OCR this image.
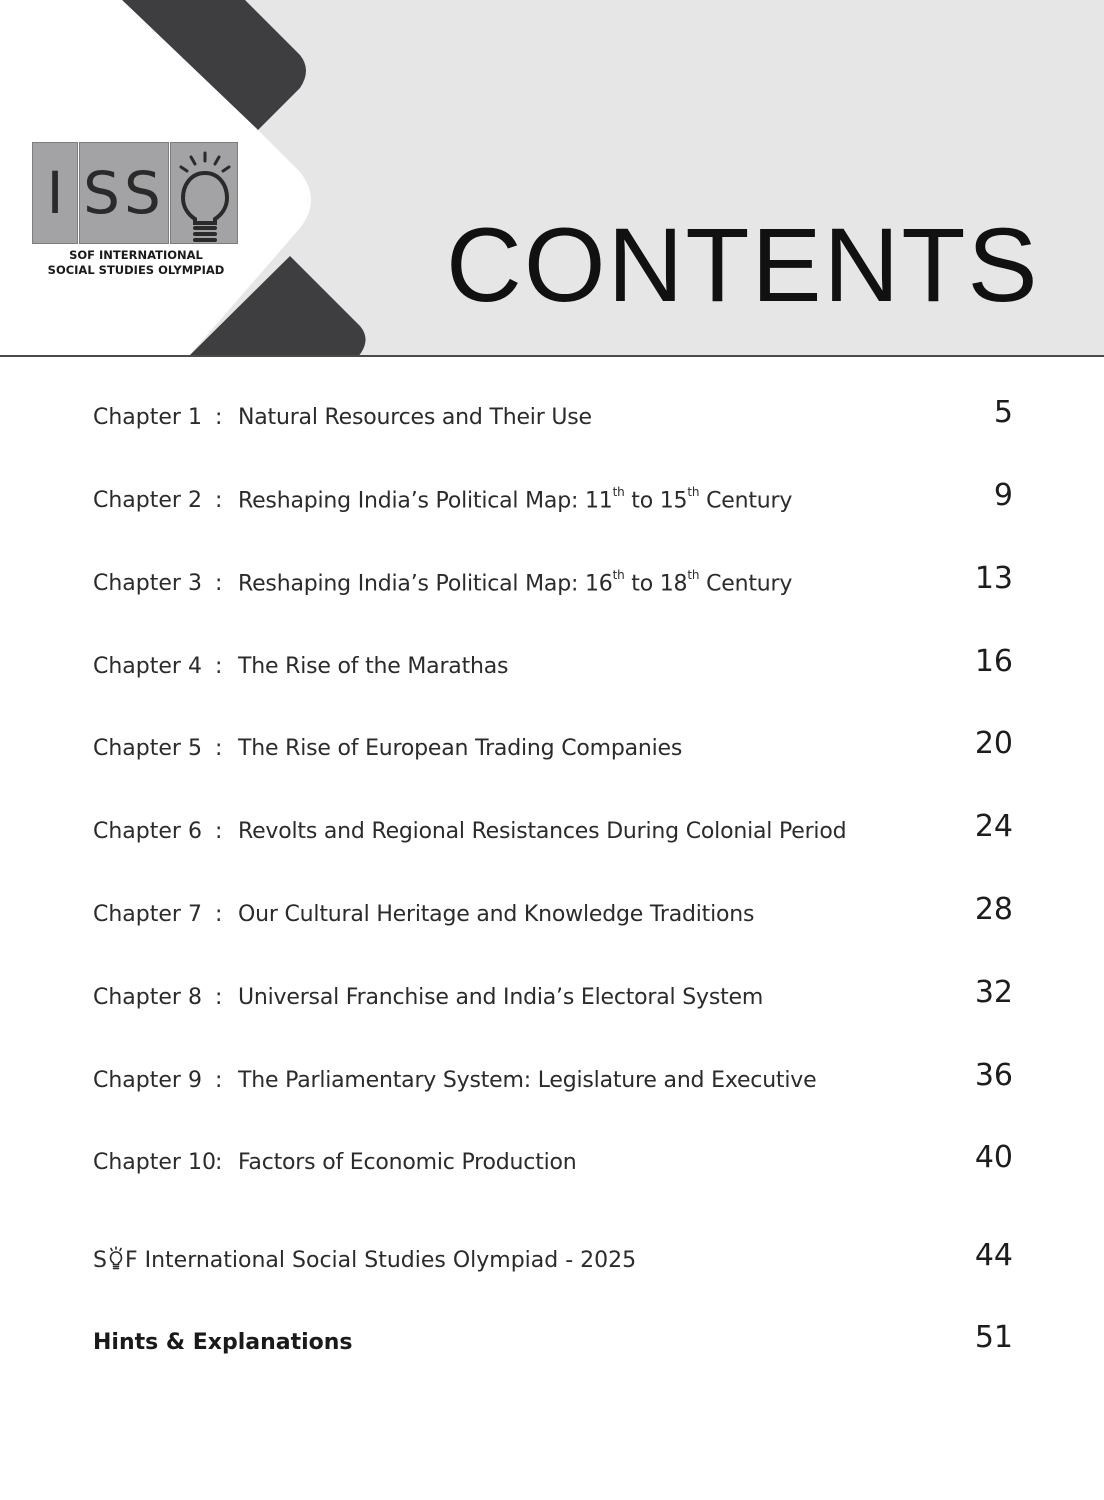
I SS
SOF INTERNATIONAL
SOCIAL STUDIES OLYMPIAD CONTENTS
Chapter 1 : Natural Resources and Their Use	5
Chapter 2 : Reshaping India’s Political Map: 11th to 15th Century	9
Chapter 3 : Reshaping India’s Political Map: 16th to 18th Century	13
Chapter 4 : The Rise of the Marathas	16
Chapter 5 : The Rise of European Trading Companies	20
Chapter 6 : Revolts and Regional Resistances During Colonial Period	24
Chapter 7 : Our Cultural Heritage and Knowledge Traditions	28
Chapter 8 : Universal Franchise and India’s Electoral System	32
Chapter 9 : The Parliamentary System: Legislature and Executive	36
Chapter 10 : Factors of Economic Production	40
S F International Social Studies Olympiad - 2025	44
Hints & Explanations	51
